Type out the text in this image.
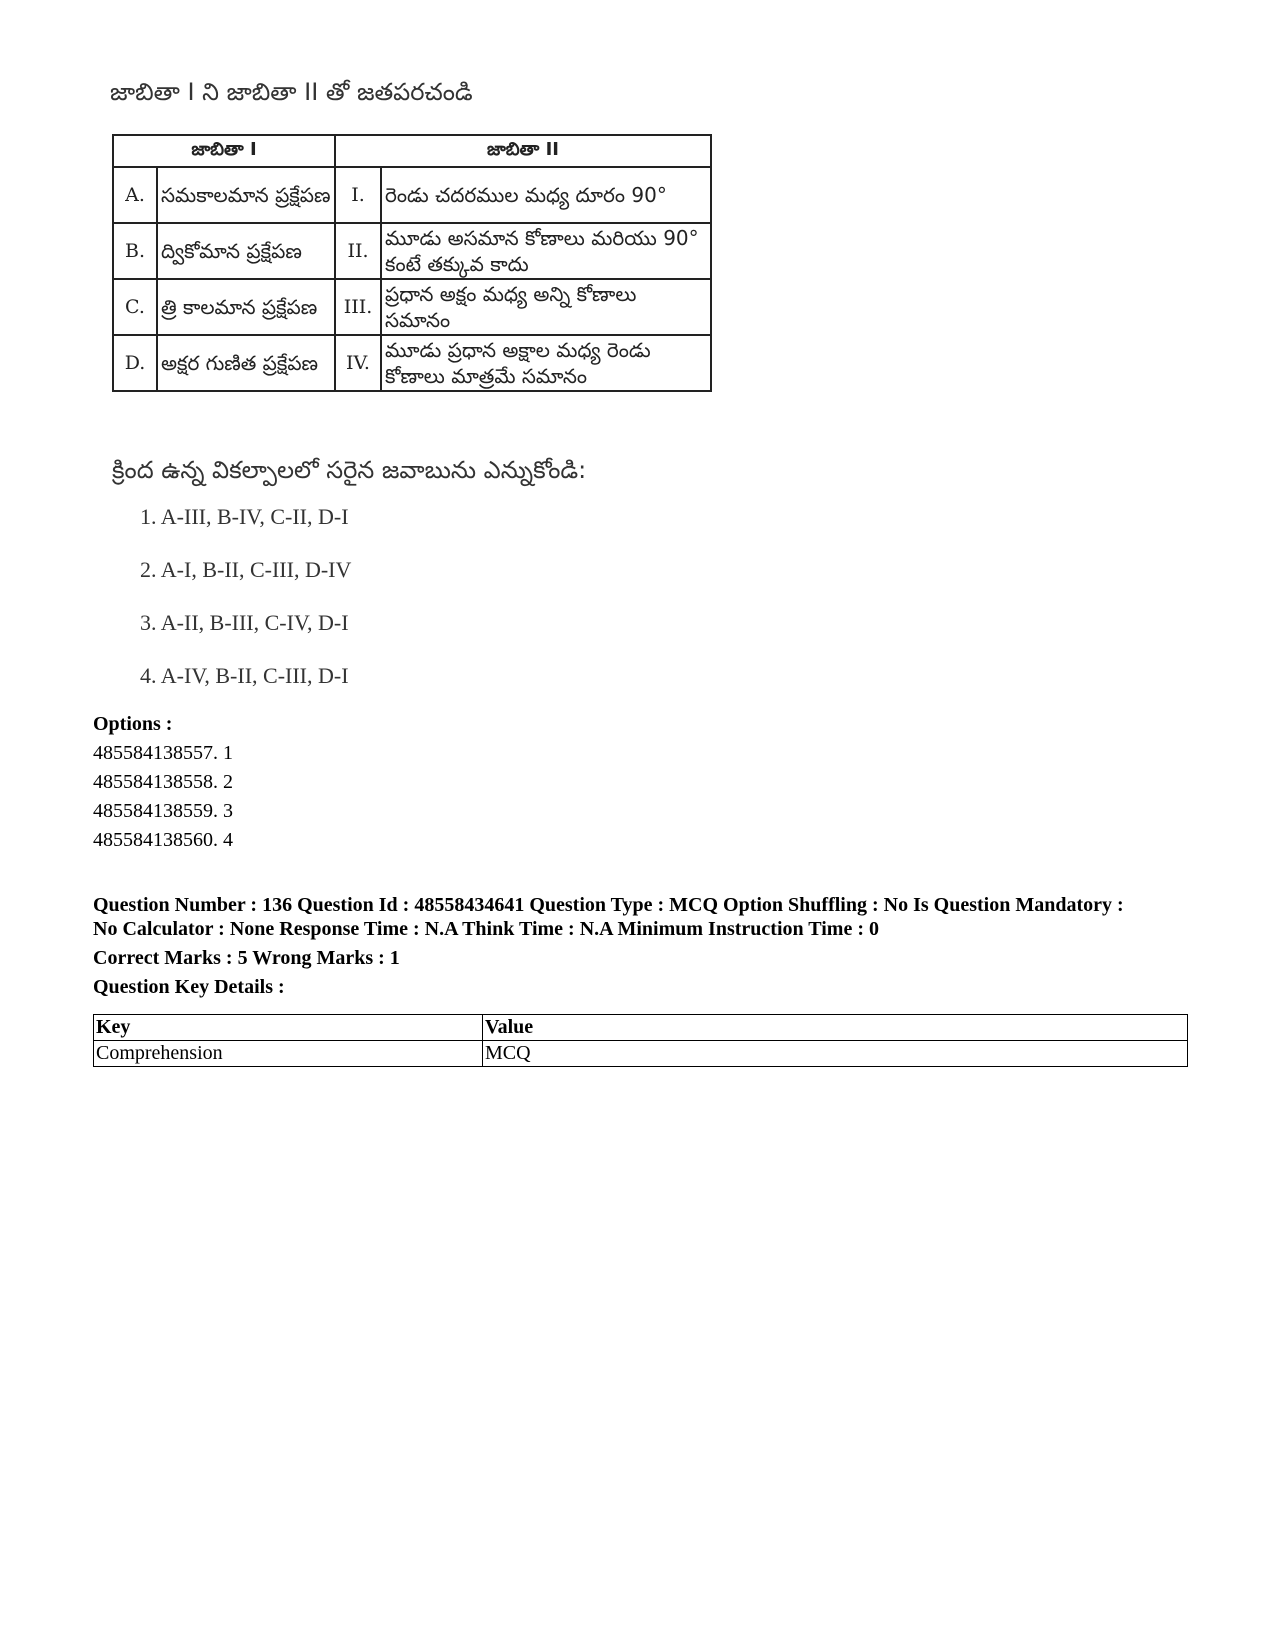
జాబితా I ని జాబితా II తో జతపరచండి
జాబితా I		జాబితా II	
A.	సమకాలమాన ప్రక్షేపణ	I.	రెండు చదరముల మధ్య దూరం 90°
B.	ద్వికోమాన ప్రక్షేపణ	II.	మూడు అసమాన కోణాలు మరియు 90° కంటే తక్కువ కాదు
C.	త్రి కాలమాన ప్రక్షేపణ	III.	ప్రధాన అక్షం మధ్య అన్ని కోణాలు సమానం
D.	అక్షర గుణిత ప్రక్షేపణ	IV.	మూడు ప్రధాన అక్షాల మధ్య రెండు కోణాలు మాత్రమే సమానం
క్రింద ఉన్న వికల్పాలలో సరైన జవాబును ఎన్నుకోండి:
1. A-III, B-IV, C-II, D-I
2. A-I, B-II, C-III, D-IV
3. A-II, B-III, C-IV, D-I
4. A-IV, B-II, C-III, D-I
Options :
485584138557. 1
485584138558. 2
485584138559. 3
485584138560. 4
Question Number : 136 Question Id : 48558434641 Question Type : MCQ Option Shuffling : No Is Question Mandatory :
No Calculator : None Response Time : N.A Think Time : N.A Minimum Instruction Time : 0
Correct Marks : 5 Wrong Marks : 1
Question Key Details :
Key	Value
Comprehension	MCQ
